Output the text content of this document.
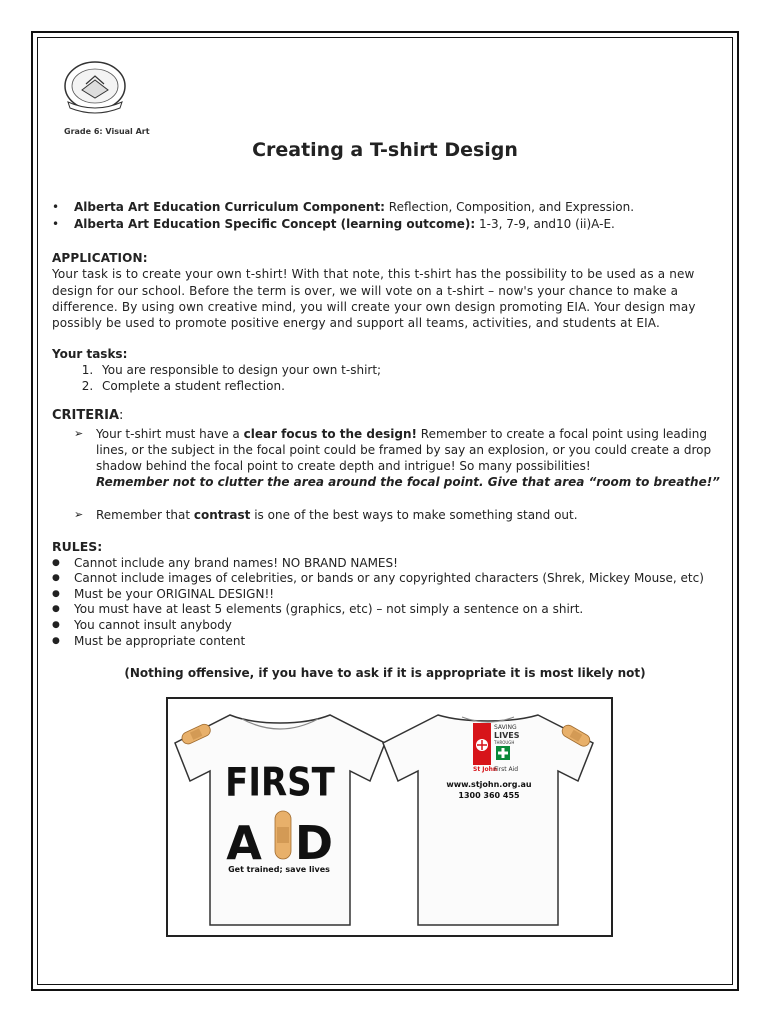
Grade 6: Visual Art
Creating a T-shirt Design
• Alberta Art Education Curriculum Component: Reflection, Composition, and Expression.
• Alberta Art Education Specific Concept (learning outcome): 1-3, 7-9, and10 (ii)A-E.
APPLICATION:
Your task is to create your own t-shirt! With that note, this t-shirt has the possibility to be used as a new design for our school. Before the term is over, we will vote on a t-shirt – now's your chance to make a difference. By using own creative mind, you will create your own design promoting EIA. Your design may possibly be used to promote positive energy and support all teams, activities, and students at EIA.
Your tasks:
1. You are responsible to design your own t-shirt;
2. Complete a student reflection.
CRITERIA:
➢ Your t-shirt must have a clear focus to the design! Remember to create a focal point using leading lines, or the subject in the focal point could be framed by say an explosion, or you could create a drop shadow behind the focal point to create depth and intrigue! So many possibilities!
Remember not to clutter the area around the focal point. Give that area “room to breathe!”
➢ Remember that contrast is one of the best ways to make something stand out.
RULES:
● Cannot include any brand names! NO BRAND NAMES!
● Cannot include images of celebrities, or bands or any copyrighted characters (Shrek, Mickey Mouse, etc)
● Must be your ORIGINAL DESIGN!!
● You must have at least 5 elements (graphics, etc) – not simply a sentence on a shirt.
● You cannot insult anybody
● Must be appropriate content
(Nothing offensive, if you have to ask if it is appropriate it is most likely not)
FIRST
A D
Get trained; save lives
SAVING
LIVES
THROUGH
St John
First Aid
www.stjohn.org.au
1300 360 455
